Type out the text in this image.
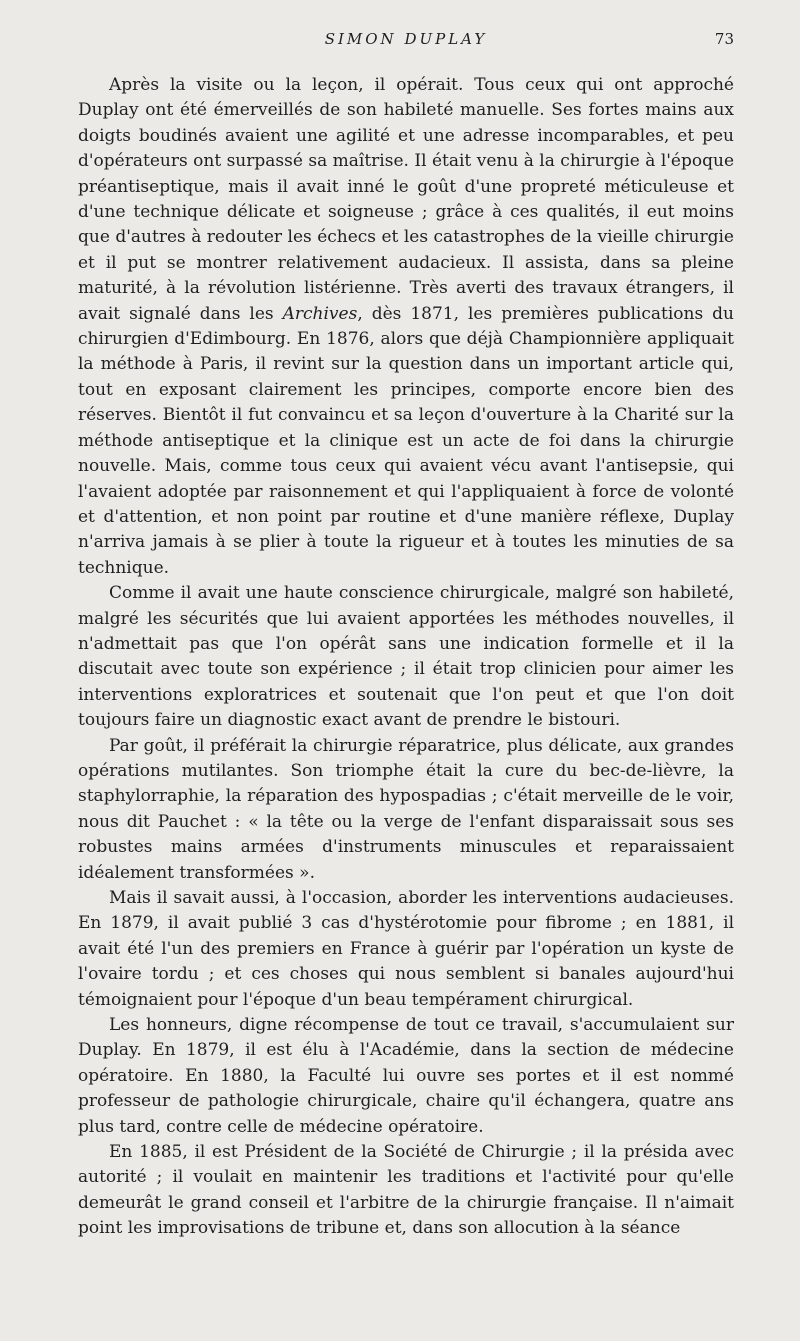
SIMON DUPLAY	73

Après la visite ou la leçon, il opérait. Tous ceux qui ont approché Duplay ont été émerveillés de son habileté manuelle. Ses fortes mains aux doigts boudinés avaient une agilité et une adresse incomparables, et peu d'opérateurs ont surpassé sa maîtrise. Il était venu à la chirurgie à l'époque préantiseptique, mais il avait inné le goût d'une propreté méticuleuse et d'une technique délicate et soigneuse ; grâce à ces qualités, il eut moins que d'autres à redouter les échecs et les catastrophes de la vieille chirurgie et il put se montrer relativement audacieux. Il assista, dans sa pleine maturité, à la révolution listérienne. Très averti des travaux étrangers, il avait signalé dans les Archives, dès 1871, les premières publications du chirurgien d'Edimbourg. En 1876, alors que déjà Championnière appliquait la méthode à Paris, il revint sur la question dans un important article qui, tout en exposant clairement les principes, comporte encore bien des réserves. Bientôt il fut convaincu et sa leçon d'ouverture à la Charité sur la méthode antiseptique et la clinique est un acte de foi dans la chirurgie nouvelle. Mais, comme tous ceux qui avaient vécu avant l'antisepsie, qui l'avaient adoptée par raisonnement et qui l'appliquaient à force de volonté et d'attention, et non point par routine et d'une manière réflexe, Duplay n'arriva jamais à se plier à toute la rigueur et à toutes les minuties de sa technique.

Comme il avait une haute conscience chirurgicale, malgré son habileté, malgré les sécurités que lui avaient apportées les méthodes nouvelles, il n'admettait pas que l'on opérât sans une indication formelle et il la discutait avec toute son expérience ; il était trop clinicien pour aimer les interventions exploratrices et soutenait que l'on peut et que l'on doit toujours faire un diagnostic exact avant de prendre le bistouri.

Par goût, il préférait la chirurgie réparatrice, plus délicate, aux grandes opérations mutilantes. Son triomphe était la cure du bec-de-lièvre, la staphylorraphie, la réparation des hypospadias ; c'était merveille de le voir, nous dit Pauchet : « la tête ou la verge de l'enfant disparaissait sous ses robustes mains armées d'instruments minuscules et reparaissaient idéalement transformées ».

Mais il savait aussi, à l'occasion, aborder les interventions audacieuses. En 1879, il avait publié 3 cas d'hystérotomie pour fibrome ; en 1881, il avait été l'un des premiers en France à guérir par l'opération un kyste de l'ovaire tordu ; et ces choses qui nous semblent si banales aujourd'hui témoignaient pour l'époque d'un beau tempérament chirurgical.

Les honneurs, digne récompense de tout ce travail, s'accumulaient sur Duplay. En 1879, il est élu à l'Académie, dans la section de médecine opératoire. En 1880, la Faculté lui ouvre ses portes et il est nommé professeur de pathologie chirurgicale, chaire qu'il échangera, quatre ans plus tard, contre celle de médecine opératoire.

En 1885, il est Président de la Société de Chirurgie ; il la présida avec autorité ; il voulait en maintenir les traditions et l'activité pour qu'elle demeurât le grand conseil et l'arbitre de la chirurgie française. Il n'aimait point les improvisations de tribune et, dans son allocution à la séance
